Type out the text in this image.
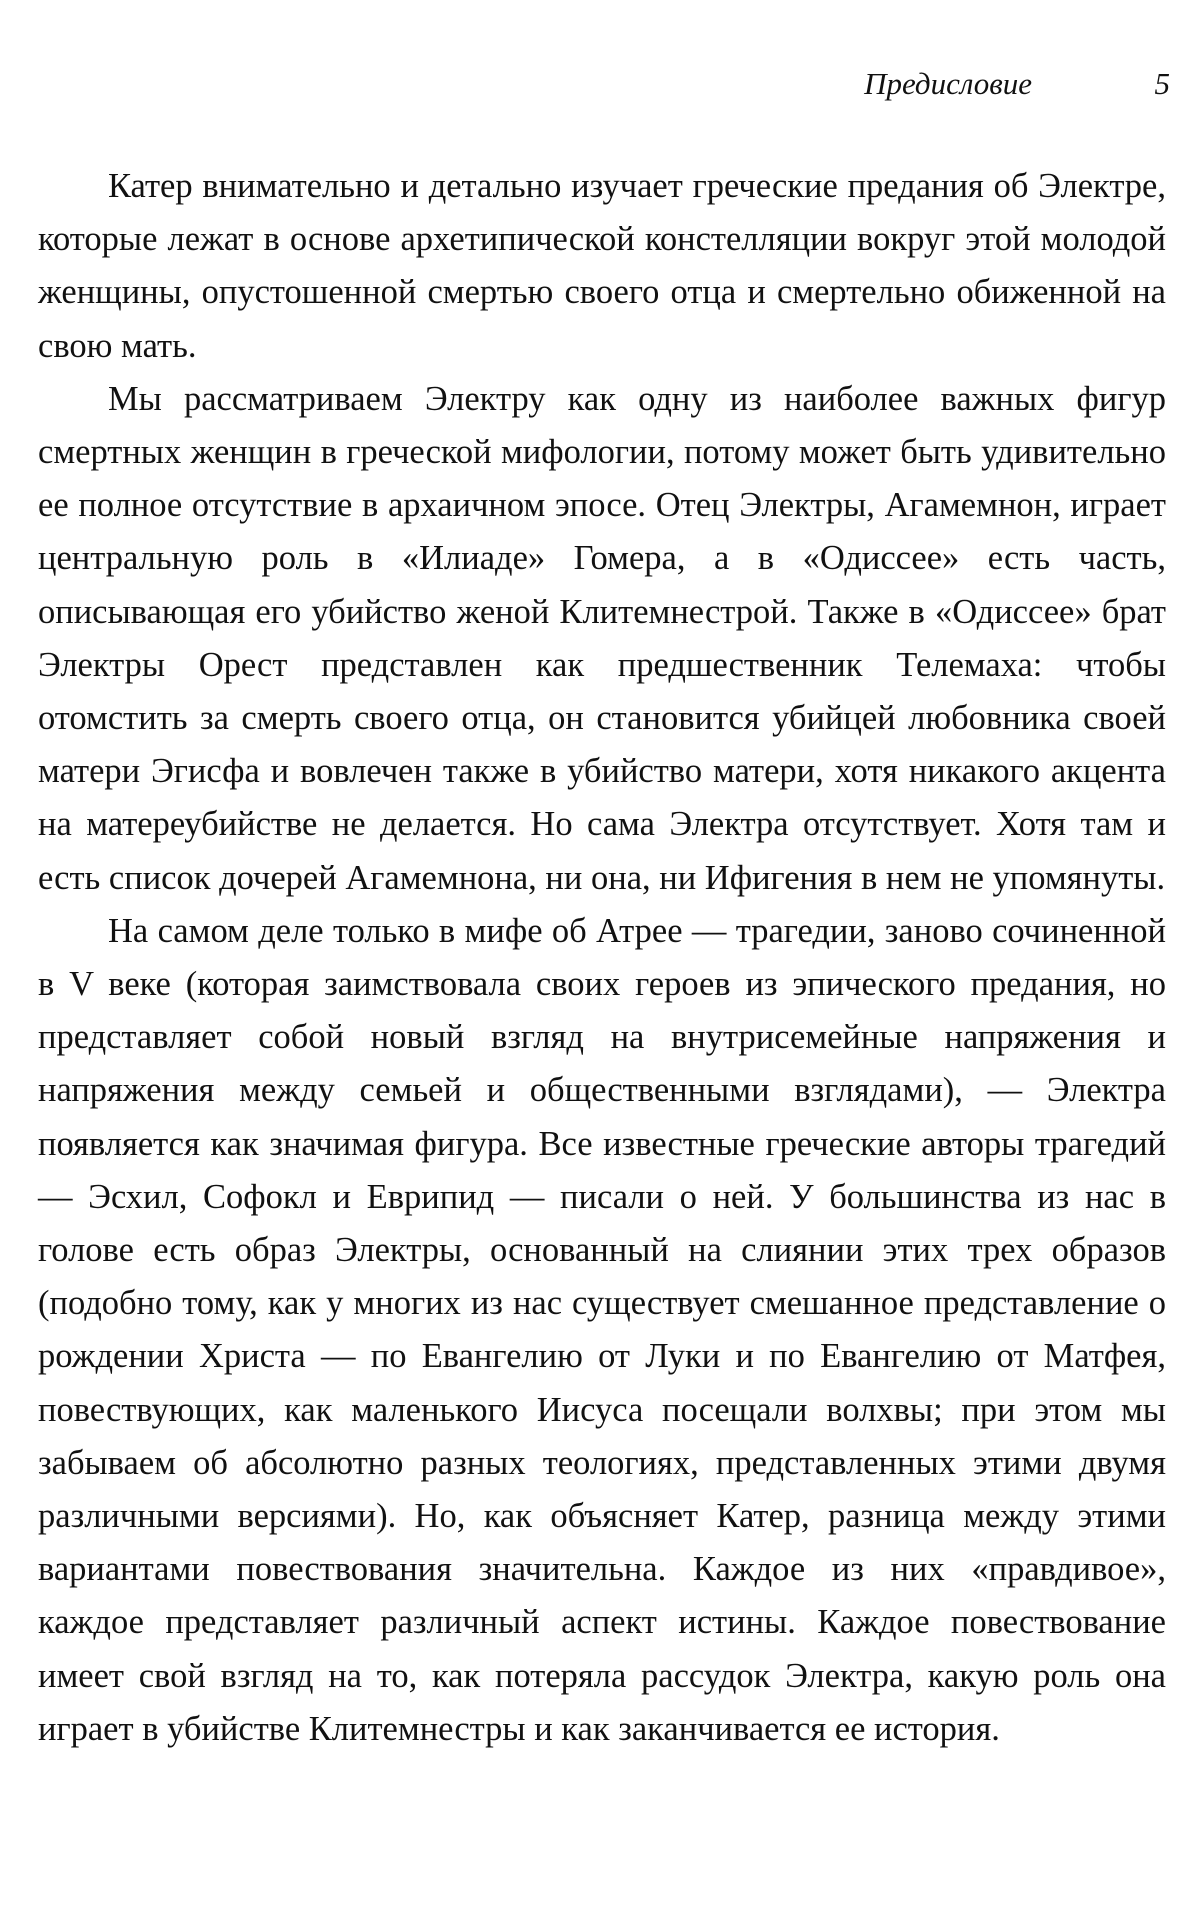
Предисловие	5

Катер внимательно и детально изучает греческие предания об Электре, которые лежат в основе архетипической констелляции вокруг этой молодой женщины, опустошенной смертью своего отца и смертельно обиженной на свою мать.

Мы рассматриваем Электру как одну из наиболее важных фигур смертных женщин в греческой мифологии, потому может быть удивительно ее полное отсутствие в архаичном эпосе. Отец Электры, Агамемнон, играет центральную роль в «Илиаде» Гомера, а в «Одиссее» есть часть, описывающая его убийство женой Клитемнестрой. Также в «Одиссее» брат Электры Орест представлен как предшественник Телемаха: чтобы отомстить за смерть своего отца, он становится убийцей любовника своей матери Эгисфа и вовлечен также в убийство матери, хотя никакого акцента на матереубийстве не делается. Но сама Электра отсутствует. Хотя там и есть список дочерей Агамемнона, ни она, ни Ифигения в нем не упомянуты.

На самом деле только в мифе об Атрее — трагедии, заново сочиненной в V веке (которая заимствовала своих героев из эпического предания, но представляет собой новый взгляд на внутрисемейные напряжения и напряжения между семьей и общественными взглядами), — Электра появляется как значимая фигура. Все известные греческие авторы трагедий — Эсхил, Софокл и Еврипид — писали о ней. У большинства из нас в голове есть образ Электры, основанный на слиянии этих трех образов (подобно тому, как у многих из нас существует смешанное представление о рождении Христа — по Евангелию от Луки и по Евангелию от Матфея, повествующих, как маленького Иисуса посещали волхвы; при этом мы забываем об абсолютно разных теологиях, представленных этими двумя различными версиями). Но, как объясняет Катер, разница между этими вариантами повествования значительна. Каждое из них «правдивое», каждое представляет различный аспект истины. Каждое повествование имеет свой взгляд на то, как потеряла рассудок Электра, какую роль она играет в убийстве Клитемнестры и как заканчивается ее история.
